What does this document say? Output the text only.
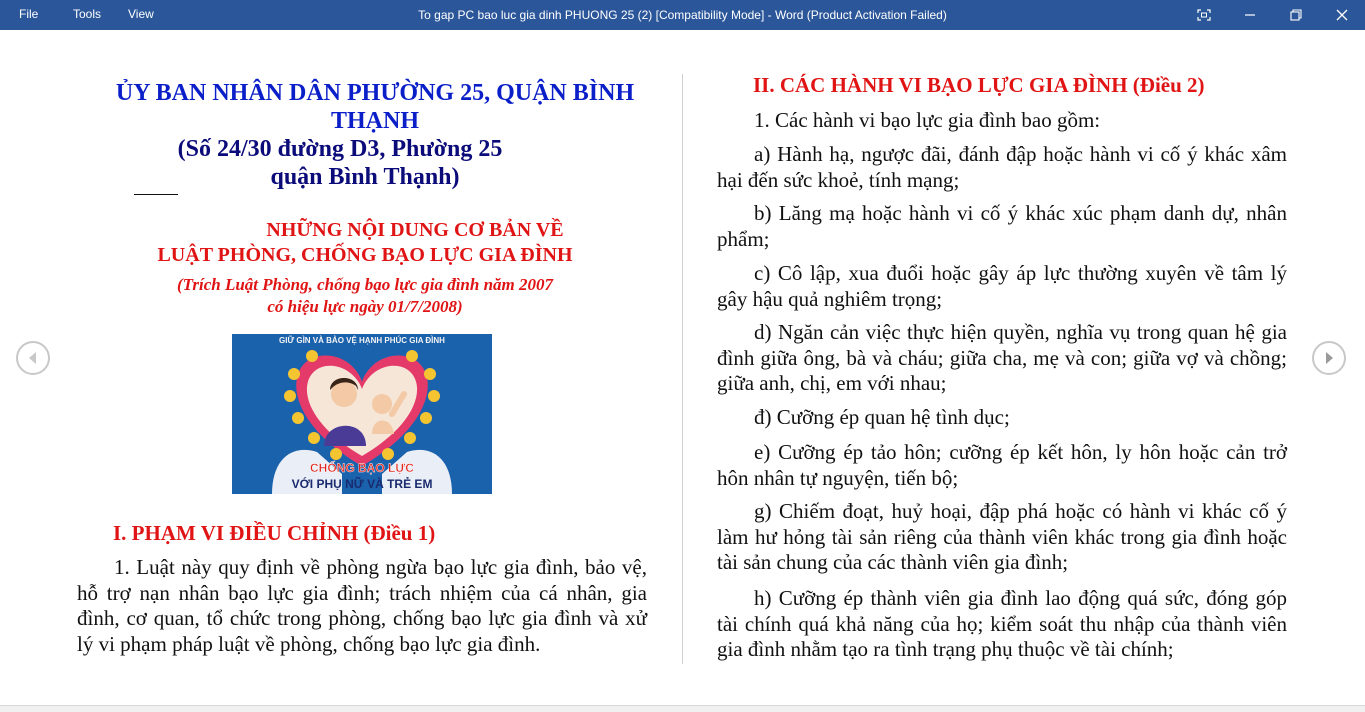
File	Tools View	To gap PC bao luc gia dinh PHUONG 25 (2) [Compatibility Mode] - Word (Product Activation Failed)
ỦY BAN NHÂN DÂN PHƯỜNG 25, QUẬN BÌNH
THẠNH
(Số 24/30 đường D3, Phường 25
quận Bình Thạnh)
NHỮNG NỘI DUNG CƠ BẢN VỀ
LUẬT PHÒNG, CHỐNG BẠO LỰC GIA ĐÌNH
(Trích Luật Phòng, chống bạo lực gia đình năm 2007
có hiệu lực ngày 01/7/2008)
GIỮ GÌN VÀ BẢO VỆ HẠNH PHÚC GIA ĐÌNH
CHỐNG BẠO LỰC
VỚI PHỤ NỮ VÀ TRẺ EM
I. PHẠM VI ĐIỀU CHỈNH (Điều 1)
1. Luật này quy định về phòng ngừa bạo lực gia đình, bảo vệ, hỗ trợ nạn nhân bạo lực gia đình; trách nhiệm của cá nhân, gia đình, cơ quan, tổ chức trong phòng, chống bạo lực gia đình và xử lý vi phạm pháp luật về phòng, chống bạo lực gia đình.
II. CÁC HÀNH VI BẠO LỰC GIA ĐÌNH (Điều 2)
1. Các hành vi bạo lực gia đình bao gồm:
a) Hành hạ, ngược đãi, đánh đập hoặc hành vi cố ý khác xâm hại đến sức khoẻ, tính mạng;
b) Lăng mạ hoặc hành vi cố ý khác xúc phạm danh dự, nhân phẩm;
c) Cô lập, xua đuổi hoặc gây áp lực thường xuyên về tâm lý gây hậu quả nghiêm trọng;
d) Ngăn cản việc thực hiện quyền, nghĩa vụ trong quan hệ gia đình giữa ông, bà và cháu; giữa cha, mẹ và con; giữa vợ và chồng; giữa anh, chị, em với nhau;
đ) Cưỡng ép quan hệ tình dục;
e) Cưỡng ép tảo hôn; cưỡng ép kết hôn, ly hôn hoặc cản trở hôn nhân tự nguyện, tiến bộ;
g) Chiếm đoạt, huỷ hoại, đập phá hoặc có hành vi khác cố ý làm hư hỏng tài sản riêng của thành viên khác trong gia đình hoặc tài sản chung của các thành viên gia đình;
h) Cưỡng ép thành viên gia đình lao động quá sức, đóng góp tài chính quá khả năng của họ; kiểm soát thu nhập của thành viên gia đình nhằm tạo ra tình trạng phụ thuộc về tài chính;
